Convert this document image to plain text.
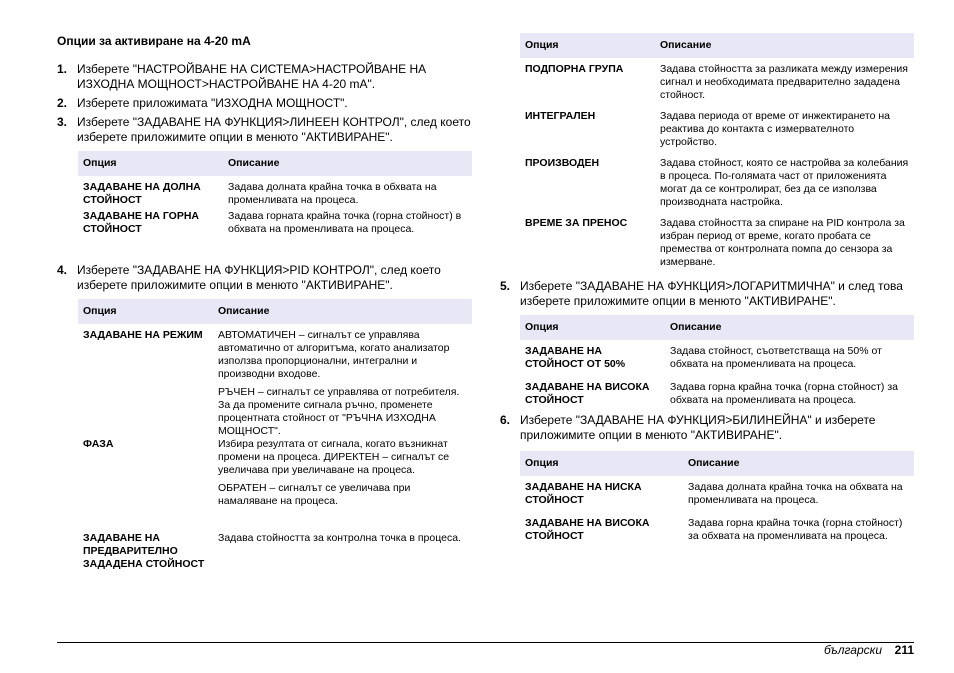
Опции за активиране на 4-20 mA
1. Изберете "НАСТРОЙВАНЕ НА СИСТЕМА>НАСТРОЙВАНЕ НА ИЗХОДНА МОЩНОСТ>НАСТРОЙВАНЕ НА 4-20 mA".
2. Изберете приложимата "ИЗХОДНА МОЩНОСТ".
3. Изберете "ЗАДАВАНЕ НА ФУНКЦИЯ>ЛИНЕЕН КОНТРОЛ", след което изберете приложимите опции в менюто "АКТИВИРАНЕ".
Опция	Описание
ЗАДАВАНЕ НА ДОЛНА СТОЙНОСТ	Задава долната крайна точка в обхвата на променливата на процеса.

ЗАДАВАНЕ НА ГОРНА СТОЙНОСТ	Задава горната крайна точка (горна стойност) в обхвата на променливата на процеса.
4. Изберете "ЗАДАВАНЕ НА ФУНКЦИЯ>PID КОНТРОЛ", след което изберете приложимите опции в менюто "АКТИВИРАНЕ".
Опция	Описание
ЗАДАВАНЕ НА РЕЖИМ	АВТОМАТИЧЕН – сигналът се управлява автоматично от алгоритъма, когато анализатор използва пропорционални, интегрални и производни входове.
РЪЧЕН – сигналът се управлява от потребителя. За да промените сигнала ръчно, променете процентната стойност от "РЪЧНА ИЗХОДНА МОЩНОСТ".

ФАЗА	Избира резултата от сигнала, когато възникнат промени на процеса. ДИРЕКТЕН – сигналът се увеличава при увеличаване на процеса.
ОБРАТЕН – сигналът се увеличава при намаляване на процеса.

ЗАДАВАНЕ НА ПРЕДВАРИТЕЛНО ЗАДАДЕНА СТОЙНОСТ	Задава стойността за контролна точка в процеса.
Опция	Описание
ПОДПОРНА ГРУПА	Задава стойността за разликата между измерения сигнал и необходимата предварително зададена стойност.

ИНТЕГРАЛЕН	Задава периода от време от инжектирането на реактива до контакта с измервателното устройство.

ПРОИЗВОДЕН	Задава стойност, която се настройва за колебания в процеса. По-голямата част от приложенията могат да се контролират, без да се използва производната настройка.

ВРЕМЕ ЗА ПРЕНОС	Задава стойността за спиране на PID контрола за избран период от време, когато пробата се премества от контролната помпа до сензора за измерване.
5. Изберете "ЗАДАВАНЕ НА ФУНКЦИЯ>ЛОГАРИТМИЧНА" и след това изберете приложимите опции в менюто "АКТИВИРАНЕ".
Опция	Описание
ЗАДАВАНЕ НА СТОЙНОСТ ОТ 50%	Задава стойност, съответстваща на 50% от обхвата на променливата на процеса.

ЗАДАВАНЕ НА ВИСОКА СТОЙНОСТ	Задава горна крайна точка (горна стойност) за обхвата на променливата на процеса.
6. Изберете "ЗАДАВАНЕ НА ФУНКЦИЯ>БИЛИНЕЙНА" и изберете приложимите опции в менюто "АКТИВИРАНЕ".
Опция	Описание
ЗАДАВАНЕ НА НИСКА СТОЙНОСТ	Задава долната крайна точка на обхвата на променливата на процеса.

ЗАДАВАНЕ НА ВИСОКА СТОЙНОСТ	Задава горна крайна точка (горна стойност) за обхвата на променливата на процеса.
български 211
